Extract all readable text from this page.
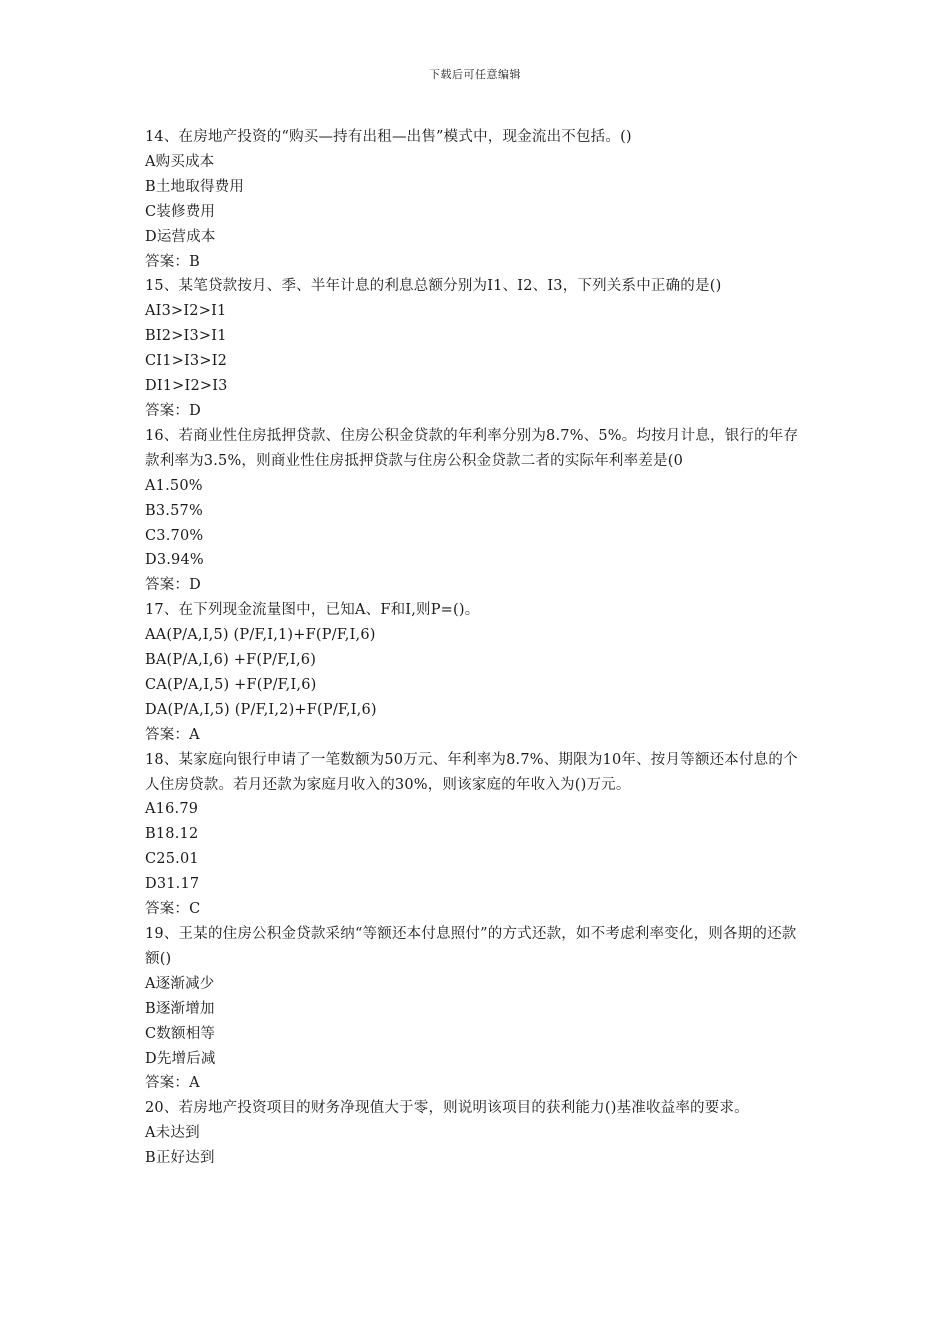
下载后可任意编辑
14、在房地产投资的“购买—持有出租—出售”模式中，现金流出不包括。()
A购买成本
B土地取得费用
C装修费用
D运营成本
答案：B
15、某笔贷款按月、季、半年计息的利息总额分别为I1、I2、I3，下列关系中正确的是()
AI3>I2>I1
BI2>I3>I1
CI1>I3>I2
DI1>I2>I3
答案：D
16、若商业性住房抵押贷款、住房公积金贷款的年利率分别为8.7%、5%。均按月计息，银行的年存款利率为3.5%，则商业性住房抵押贷款与住房公积金贷款二者的实际年利率差是(0
A1.50%
B3.57%
C3.70%
D3.94%
答案：D
17、在下列现金流量图中，已知A、F和I,则P=()。
AA(P/A,I,5) (P/F,I,1)+F(P/F,I,6)
BA(P/A,I,6) +F(P/F,I,6)
CA(P/A,I,5) +F(P/F,I,6)
DA(P/A,I,5) (P/F,I,2)+F(P/F,I,6)
答案：A
18、某家庭向银行申请了一笔数额为50万元、年利率为8.7%、期限为10年、按月等额还本付息的个人住房贷款。若月还款为家庭月收入的30%，则该家庭的年收入为()万元。
A16.79
B18.12
C25.01
D31.17
答案：C
19、王某的住房公积金贷款采纳“等额还本付息照付”的方式还款，如不考虑利率变化，则各期的还款额()
A逐渐减少
B逐渐增加
C数额相等
D先增后减
答案：A
20、若房地产投资项目的财务净现值大于零，则说明该项目的获利能力()基准收益率的要求。
A未达到
B正好达到
